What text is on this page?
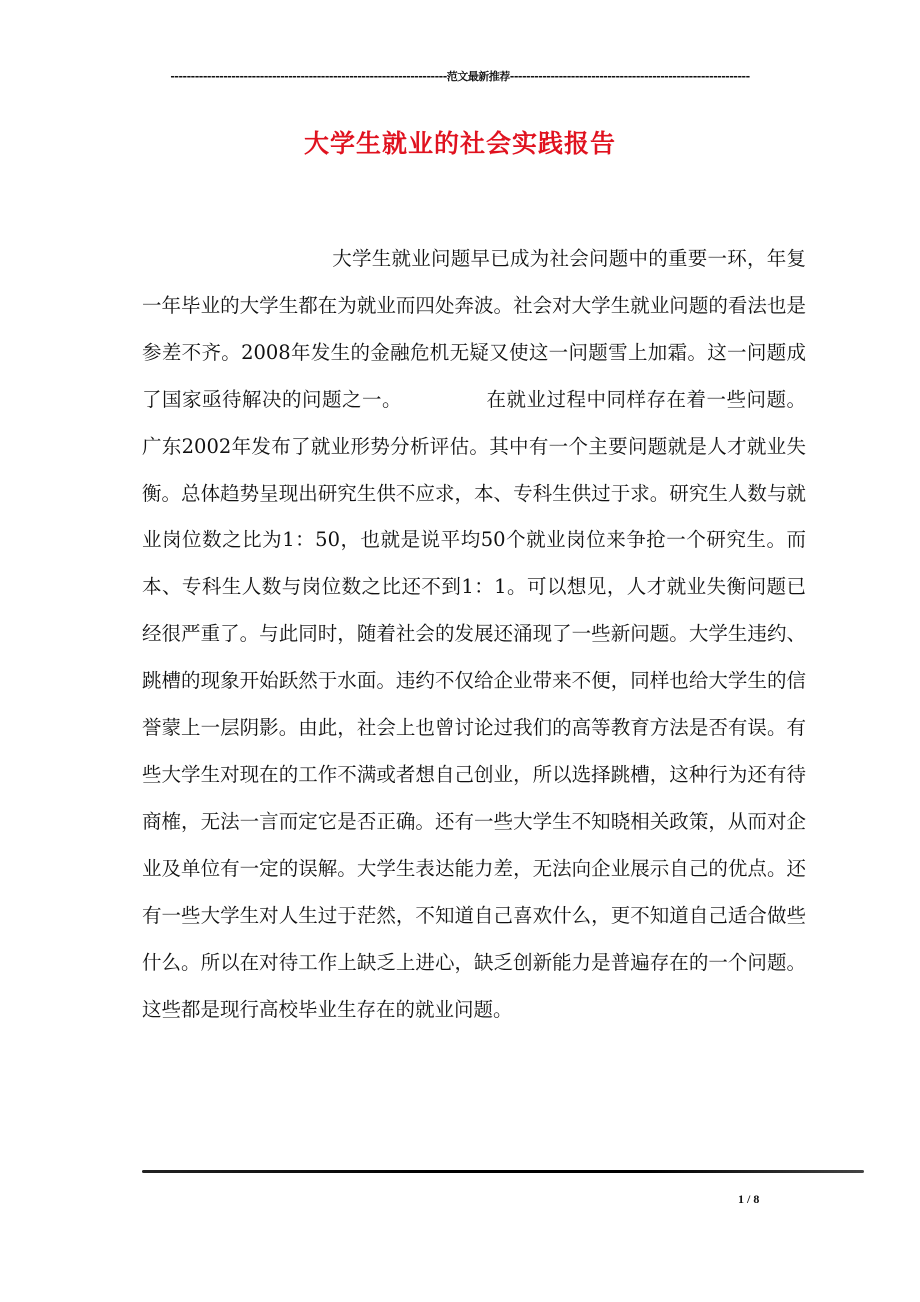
--------------------------------------------------------------------范文最新推荐-----------------------------------------------------------
大学生就业的社会实践报告

大学生就业问题早已成为社会问题中的重要一环，年复一年毕业的大学生都在为就业而四处奔波。社会对大学生就业问题的看法也是参差不齐。2008年发生的金融危机无疑又使这一问题雪上加霜。这一问题成了国家亟待解决的问题之一。	在就业过程中同样存在着一些问题。广东2002年发布了就业形势分析评估。其中有一个主要问题就是人才就业失衡。总体趋势呈现出研究生供不应求，本、专科生供过于求。研究生人数与就业岗位数之比为1：50，也就是说平均50个就业岗位来争抢一个研究生。而本、专科生人数与岗位数之比还不到1：1。可以想见，人才就业失衡问题已经很严重了。与此同时，随着社会的发展还涌现了一些新问题。大学生违约、跳槽的现象开始跃然于水面。违约不仅给企业带来不便，同样也给大学生的信誉蒙上一层阴影。由此，社会上也曾讨论过我们的高等教育方法是否有误。有些大学生对现在的工作不满或者想自己创业，所以选择跳槽，这种行为还有待商榷，无法一言而定它是否正确。还有一些大学生不知晓相关政策，从而对企业及单位有一定的误解。大学生表达能力差，无法向企业展示自己的优点。还有一些大学生对人生过于茫然，不知道自己喜欢什么，更不知道自己适合做些什么。所以在对待工作上缺乏上进心，缺乏创新能力是普遍存在的一个问题。这些都是现行高校毕业生存在的就业问题。

1 / 8
